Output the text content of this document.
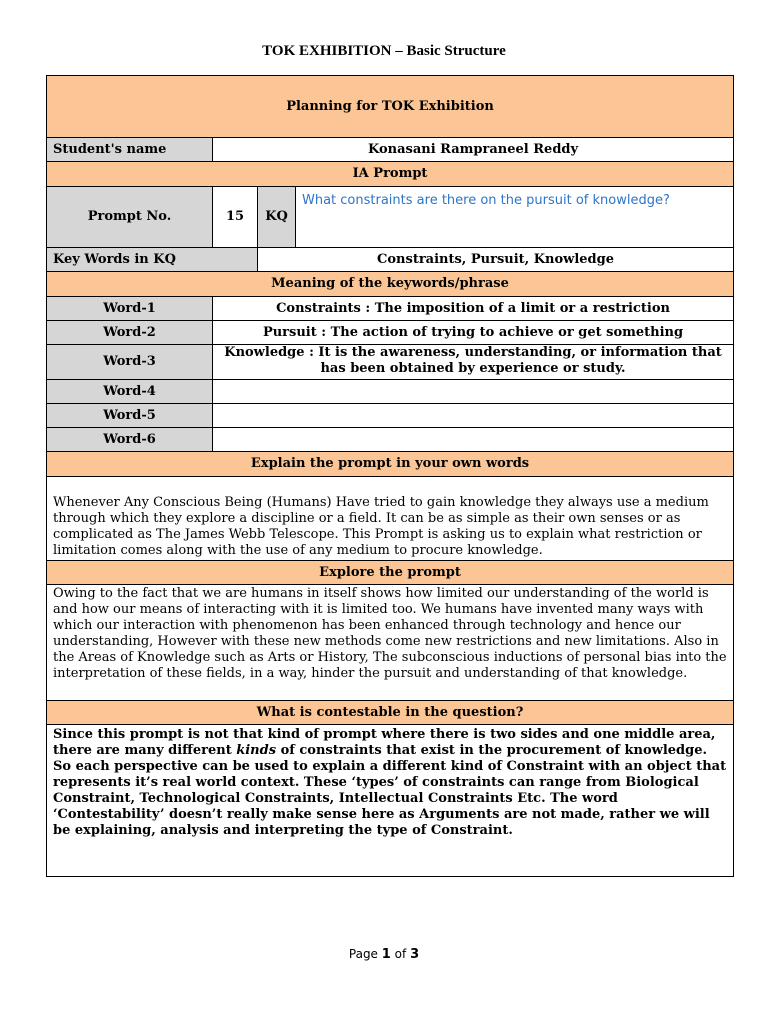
TOK EXHIBITION – Basic Structure
Planning for TOK Exhibition			
Student's name	Konasani Rampraneel Reddy		
IA Prompt			
Prompt No.	15	KQ	What constraints are there on the pursuit of knowledge?
Key Words in KQ		Constraints, Pursuit, Knowledge	
Meaning of the keywords/phrase			
Word-1	Constraints : The imposition of a limit or a restriction		
Word-2	Pursuit : The action of trying to achieve or get something		
Word-3	Knowledge : It is the awareness, understanding, or information that has been obtained by experience or study.		
Word-4			
Word-5			
Word-6			
Explain the prompt in your own words			
Whenever Any Conscious Being (Humans) Have tried to gain knowledge they always use a medium through which they explore a discipline or a field. It can be as simple as their own senses or as complicated as The James Webb Telescope. This Prompt is asking us to explain what restriction or limitation comes along with the use of any medium to procure knowledge.			
Explore the prompt			
Owing to the fact that we are humans in itself shows how limited our understanding of the world is and how our means of interacting with it is limited too. We humans have invented many ways with which our interaction with phenomenon has been enhanced through technology and hence our understanding, However with these new methods come new restrictions and new limitations. Also in the Areas of Knowledge such as Arts or History, The subconscious inductions of personal bias into the interpretation of these fields, in a way, hinder the pursuit and understanding of that knowledge.			
What is contestable in the question?			
Since this prompt is not that kind of prompt where there is two sides and one middle area, there are many different kinds of constraints that exist in the procurement of knowledge. So each perspective can be used to explain a different kind of Constraint with an object that represents it’s real world context. These ‘types’ of constraints can range from Biological Constraint, Technological Constraints, Intellectual Constraints Etc. The word ‘Contestability’ doesn’t really make sense here as Arguments are not made, rather we will be explaining, analysis and interpreting the type of Constraint.			
Page 1 of 3
